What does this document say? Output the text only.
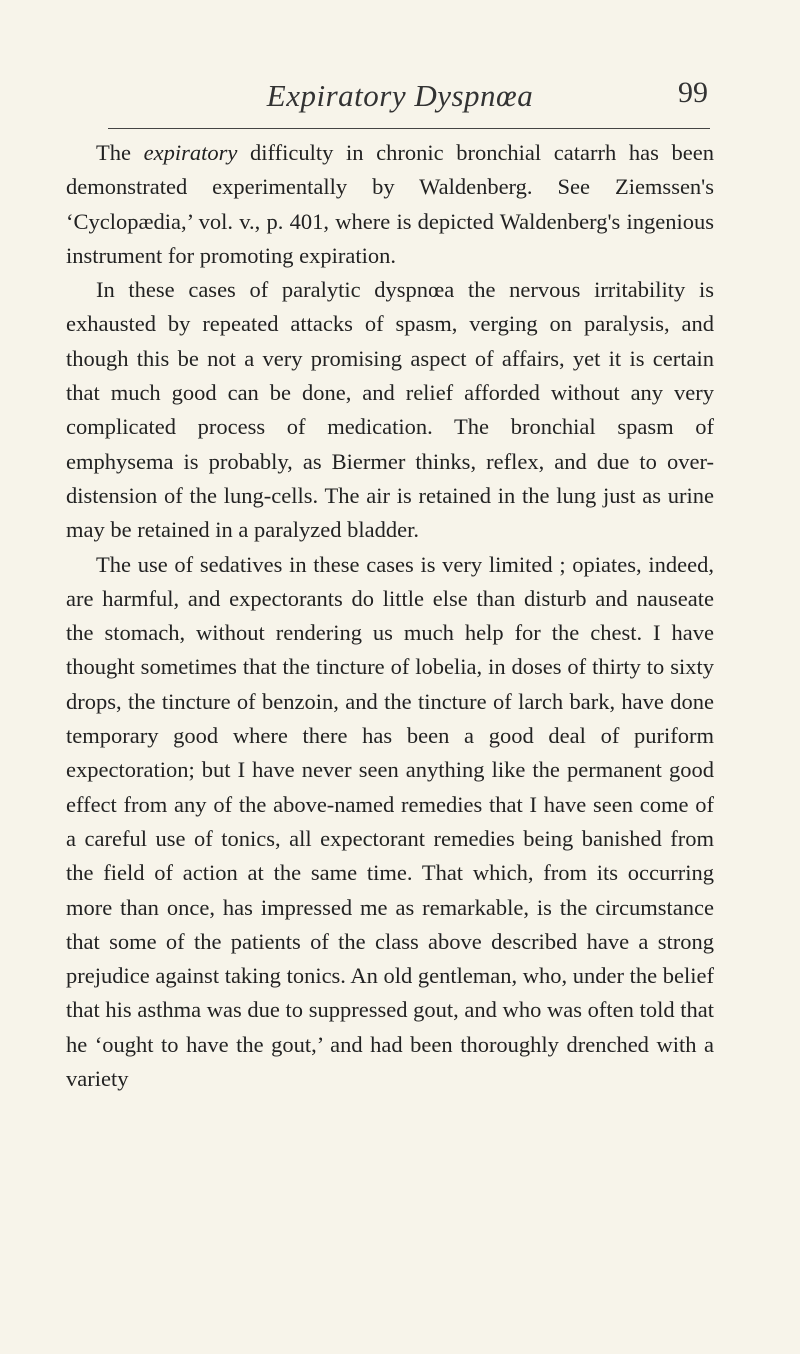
Expiratory Dyspnœa	99

The expiratory difficulty in chronic bronchial catarrh has been demonstrated experimentally by Waldenberg. See Ziemssen's ‘Cyclopædia,’ vol. v., p. 401, where is depicted Waldenberg's ingenious instrument for promoting expiration.

In these cases of paralytic dyspnœa the nervous irritability is exhausted by repeated attacks of spasm, verging on paralysis, and though this be not a very promising aspect of affairs, yet it is certain that much good can be done, and relief afforded without any very complicated process of medication. The bronchial spasm of emphysema is probably, as Biermer thinks, reflex, and due to over-distension of the lung-cells. The air is retained in the lung just as urine may be retained in a paralyzed bladder.

The use of sedatives in these cases is very limited ; opiates, indeed, are harmful, and expectorants do little else than disturb and nauseate the stomach, without rendering us much help for the chest. I have thought sometimes that the tincture of lobelia, in doses of thirty to sixty drops, the tincture of benzoin, and the tincture of larch bark, have done temporary good where there has been a good deal of puriform expectoration; but I have never seen anything like the permanent good effect from any of the above-named remedies that I have seen come of a careful use of tonics, all expectorant remedies being banished from the field of action at the same time. That which, from its occurring more than once, has impressed me as remarkable, is the circumstance that some of the patients of the class above described have a strong prejudice against taking tonics. An old gentleman, who, under the belief that his asthma was due to suppressed gout, and who was often told that he ‘ought to have the gout,’ and had been thoroughly drenched with a variety
